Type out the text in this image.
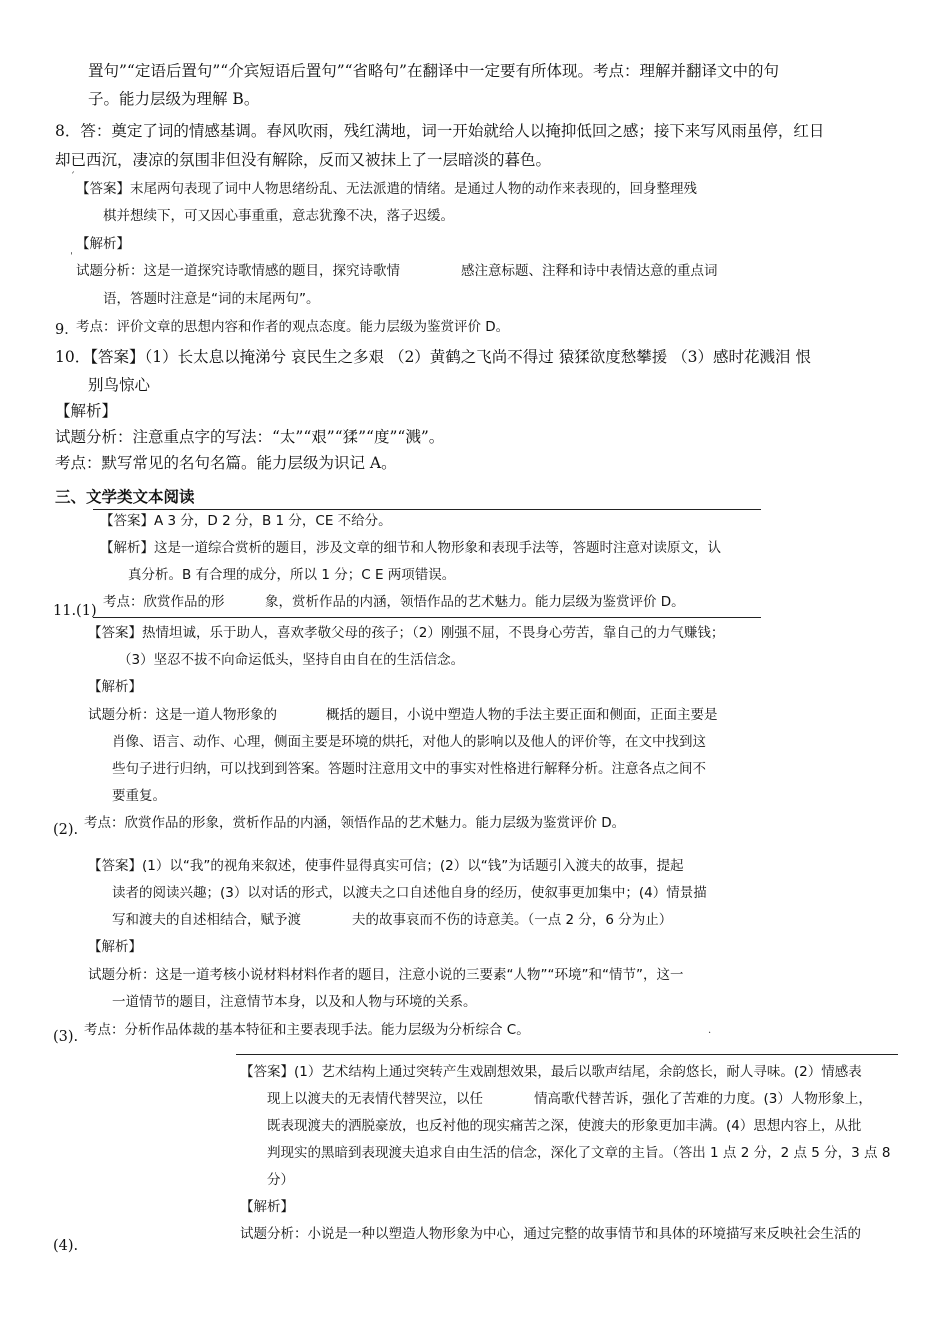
置句”“定语后置句”“介宾短语后置句”“省略句”在翻译中一定要有所体现。考点：理解并翻译文中的句
子。能力层级为理解 B。
8．答：奠定了词的情感基调。春风吹雨，残红满地，词一开始就给人以掩抑低回之感；接下来写风雨虽停，红日
却已西沉，凄凉的氛围非但没有解除，反而又被抹上了一层暗淡的暮色。
ˊ
【答案】末尾两句表现了词中人物思绪纷乱、无法派遣的情绪。是通过人物的动作来表现的，回身整理残
棋并想续下，可又因心事重重，意志犹豫不决，落子迟缓。
【解析】
ˈ
试题分析：这是一道探究诗歌情感的题目，探究诗歌情	感注意标题、注释和诗中表情达意的重点词
语，答题时注意是“词的末尾两句”。
9．
考点：评价文章的思想内容和作者的观点态度。能力层级为鉴赏评价 D。
10．【答案】（1）长太息以掩涕兮 哀民生之多艰 （2）黄鹤之飞尚不得过 猿猱欲度愁攀援 （3）感时花溅泪 恨
别鸟惊心
【解析】
试题分析：注意重点字的写法：“太”“艰”“猱”“度”“溅”。
考点：默写常见的名句名篇。能力层级为识记 A。
三、文学类文本阅读
【答案】A 3 分，D 2 分，B 1 分，CE 不给分。
【解析】这是一道综合赏析的题目，涉及文章的细节和人物形象和表现手法等，答题时注意对读原文，认
真分析。B 有合理的成分，所以 1 分；C E 两项错误。
11.(1)
考点：欣赏作品的形	象，赏析作品的内涵，领悟作品的艺术魅力。能力层级为鉴赏评价 D。
【答案】热情坦诚，乐于助人，喜欢孝敬父母的孩子；（2）刚强不屈，不畏身心劳苦，靠自己的力气赚钱；
（3）坚忍不拔不向命运低头，坚持自由自在的生活信念。
【解析】
试题分析：这是一道人物形象的	概括的题目，小说中塑造人物的手法主要正面和侧面，正面主要是
肖像、语言、动作、心理，侧面主要是环境的烘托，对他人的影响以及他人的评价等，在文中找到这
些句子进行归纳，可以找到到答案。答题时注意用文中的事实对性格进行解释分析。注意各点之间不
要重复。
(2). 考点：欣赏作品的形象，赏析作品的内涵，领悟作品的艺术魅力。能力层级为鉴赏评价 D。
【答案】(1）以“我”的视角来叙述，使事件显得真实可信；(2）以“钱”为话题引入渡夫的故事，提起
读者的阅读兴趣；(3）以对话的形式，以渡夫之口自述他自身的经历，使叙事更加集中；(4）情景描
写和渡夫的自述相结合，赋予渡	夫的故事哀而不伤的诗意美。（一点 2 分，6 分为止）
【解析】
试题分析：这是一道考核小说材料材料作者的题目，注意小说的三要素“人物”“环境”和“情节”，这一
一道情节的题目，注意情节本身，以及和人物与环境的关系。
(3). 考点：分析作品体裁的基本特征和主要表现手法。能力层级为分析综合 C。	.
【答案】(1）艺术结构上通过突转产生戏剧想效果，最后以歌声结尾，余韵悠长，耐人寻味。(2）情感表
现上以渡夫的无表情代替哭泣，以任	情高歌代替苦诉，强化了苦难的力度。(3）人物形象上，
既表现渡夫的洒脱豪放，也反衬他的现实痛苦之深，使渡夫的形象更加丰满。(4）思想内容上，从批
判现实的黑暗到表现渡夫追求自由生活的信念，深化了文章的主旨。（答出 1 点 2 分，2 点 5 分，3 点 8
分）
【解析】
试题分析：小说是一种以塑造人物形象为中心，通过完整的故事情节和具体的环境描写来反映社会生活的
(4).
